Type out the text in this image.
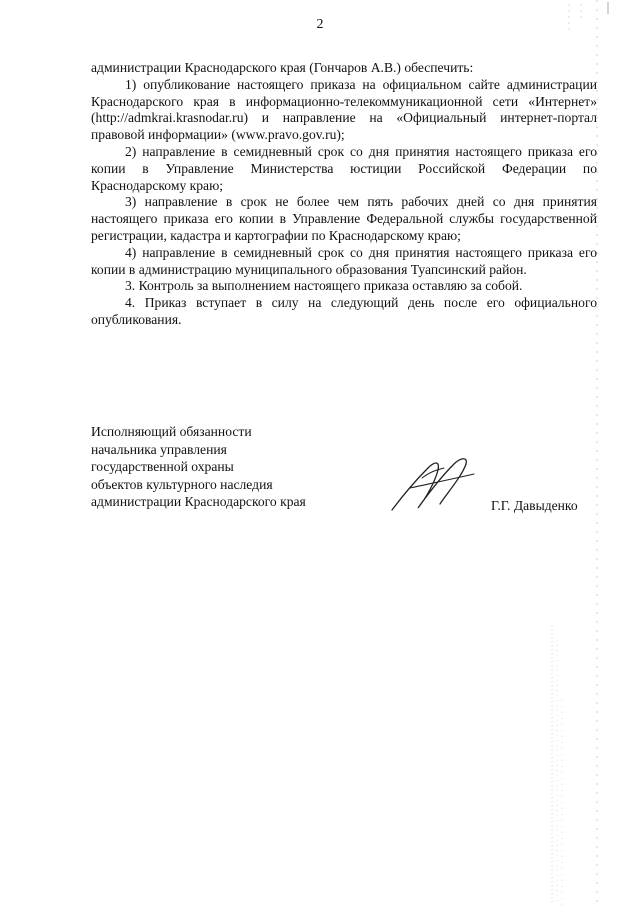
2

администрации Краснодарского края (Гончаров А.В.) обеспечить:

1) опубликование настоящего приказа на официальном сайте администрации Краснодарского края в информационно-телекоммуникационной сети «Интернет» (http://admkrai.krasnodar.ru) и направление на «Официальный интернет-портал правовой информации» (www.pravo.gov.ru);

2) направление в семидневный срок со дня принятия настоящего приказа его копии в Управление Министерства юстиции Российской Федерации по Краснодарскому краю;

3) направление в срок не более чем пять рабочих дней со дня принятия настоящего приказа его копии в Управление Федеральной службы государственной регистрации, кадастра и картографии по Краснодарскому краю;

4) направление в семидневный срок со дня принятия настоящего приказа его копии в администрацию муниципального образования Туапсинский район.

3. Контроль за выполнением настоящего приказа оставляю за собой.

4. Приказ вступает в силу на следующий день после его официального опубликования.

Исполняющий обязанности
начальника управления
государственной охраны
объектов культурного наследия
администрации Краснодарского края	Г.Г. Давыденко
